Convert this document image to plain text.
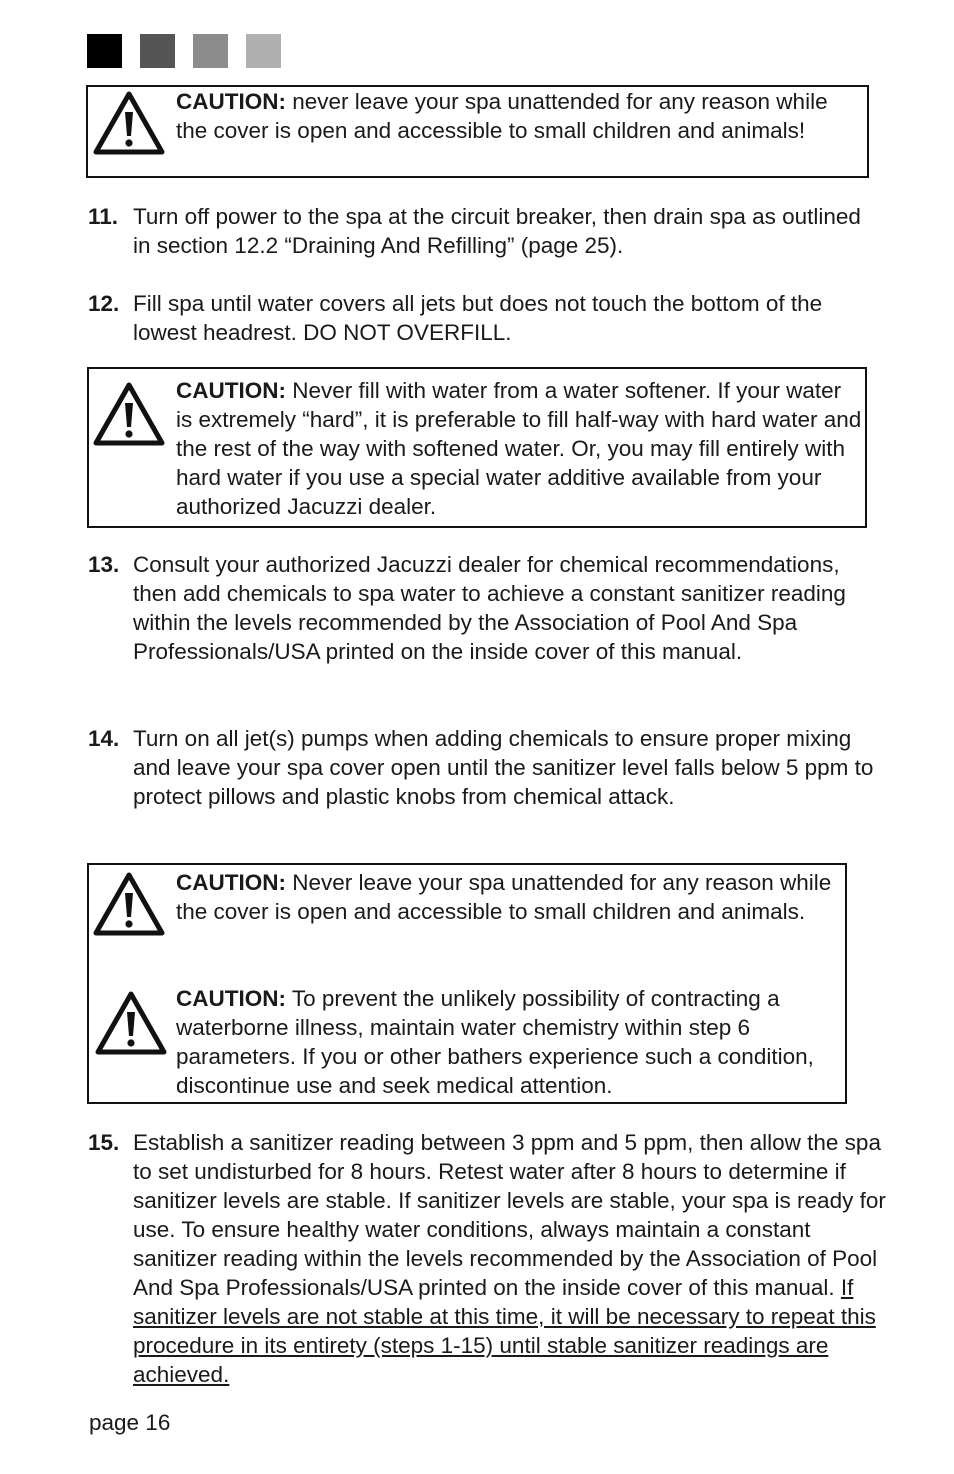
CAUTION: never leave your spa unattended for any reason while the cover is open and accessible to small children and animals!
11. Turn off power to the spa at the circuit breaker, then drain spa as outlined in section 12.2 “Draining And Refilling” (page 25).
12. Fill spa until water covers all jets but does not touch the bottom of the lowest headrest. DO NOT OVERFILL.
CAUTION: Never fill with water from a water softener. If your water is extremely “hard”, it is preferable to fill half-way with hard water and the rest of the way with softened water. Or, you may fill entirely with hard water if you use a special water additive available from your authorized Jacuzzi dealer.
13. Consult your authorized Jacuzzi dealer for chemical recommendations, then add chemicals to spa water to achieve a constant sanitizer reading within the levels recommended by the Association of Pool And Spa Professionals/USA printed on the inside cover of this manual.
14. Turn on all jet(s) pumps when adding chemicals to ensure proper mixing and leave your spa cover open until the sanitizer level falls below 5 ppm to protect pillows and plastic knobs from chemical attack.
CAUTION: Never leave your spa unattended for any reason while the cover is open and accessible to small children and animals.
CAUTION: To prevent the unlikely possibility of contracting a waterborne illness, maintain water chemistry within step 6 parameters. If you or other bathers experience such a condition, discontinue use and seek medical attention.
15. Establish a sanitizer reading between 3 ppm and 5 ppm, then allow the spa to set undisturbed for 8 hours. Retest water after 8 hours to determine if sanitizer levels are stable. If sanitizer levels are stable, your spa is ready for use. To ensure healthy water conditions, always maintain a constant sanitizer reading within the levels recommended by the Association of Pool And Spa Professionals/USA printed on the inside cover of this manual. If sanitizer levels are not stable at this time, it will be necessary to repeat this procedure in its entirety (steps 1-15) until stable sanitizer readings are achieved.
page 16
